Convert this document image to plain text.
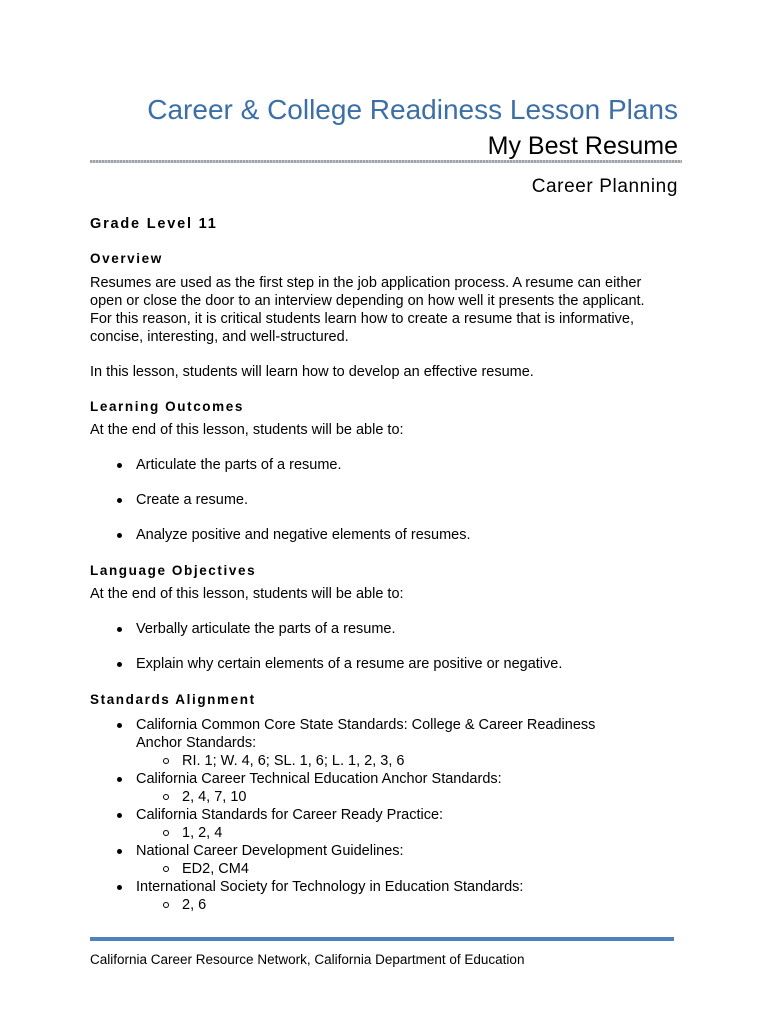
Career & College Readiness Lesson Plans
My Best Resume
Career Planning
Grade Level 11
Overview

Resumes are used as the first step in the job application process. A resume can either

open or close the door to an interview depending on how well it presents the applicant.

For this reason, it is critical students learn how to create a resume that is informative,

concise, interesting, and well-structured.

In this lesson, students will learn how to develop an effective resume.

Learning Outcomes

At the end of this lesson, students will be able to:

Articulate the parts of a resume.
Create a resume.
Analyze positive and negative elements of resumes.
Language Objectives

At the end of this lesson, students will be able to:

Verbally articulate the parts of a resume.
Explain why certain elements of a resume are positive or negative.
Standards Alignment
California Common Core State Standards: College & Career Readiness
Anchor Standards:
RI. 1; W. 4, 6; SL. 1, 6; L. 1, 2, 3, 6
California Career Technical Education Anchor Standards:
2, 4, 7, 10
California Standards for Career Ready Practice:
1, 2, 4
National Career Development Guidelines:
ED2, CM4
International Society for Technology in Education Standards:
2, 6

California Career Resource Network, California Department of Education
